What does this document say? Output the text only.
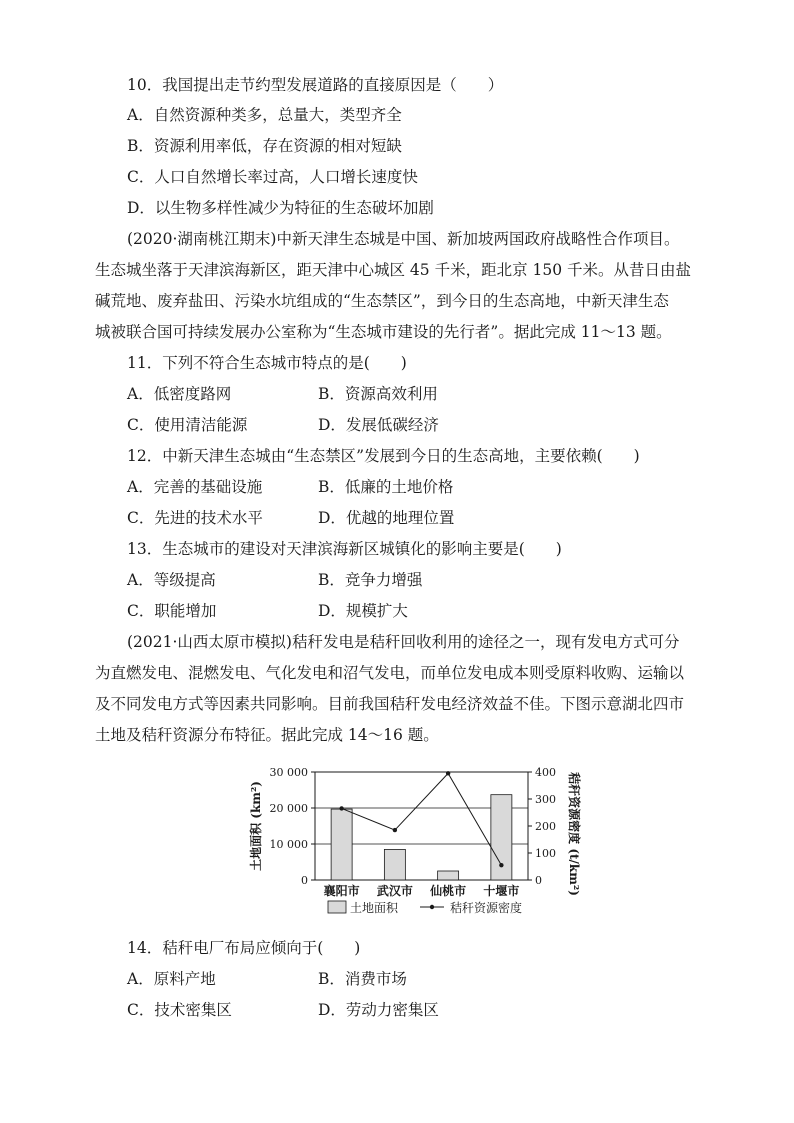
10．我国提出走节约型发展道路的直接原因是（　　）
A．自然资源种类多，总量大，类型齐全
B．资源利用率低，存在资源的相对短缺
C．人口自然增长率过高，人口增长速度快
D．以生物多样性减少为特征的生态破坏加剧
(2020·湖南桃江期末)中新天津生态城是中国、新加坡两国政府战略性合作项目。
生态城坐落于天津滨海新区，距天津中心城区 45 千米，距北京 150 千米。从昔日由盐
碱荒地、废弃盐田、污染水坑组成的“生态禁区”，到今日的生态高地，中新天津生态
城被联合国可持续发展办公室称为“生态城市建设的先行者”。据此完成 11～13 题。
11．下列不符合生态城市特点的是(　　)
A．低密度路网	B．资源高效利用
C．使用清洁能源	D．发展低碳经济
12．中新天津生态城由“生态禁区”发展到今日的生态高地，主要依赖(　　)
A．完善的基础设施	B．低廉的土地价格
C．先进的技术水平	D．优越的地理位置
13．生态城市的建设对天津滨海新区城镇化的影响主要是(　　)
A．等级提高	B．竞争力增强
C．职能增加	D．规模扩大
(2021·山西太原市模拟)秸秆发电是秸秆回收利用的途径之一，现有发电方式可分
为直燃发电、混燃发电、气化发电和沼气发电，而单位发电成本则受原料收购、运输以
及不同发电方式等因素共同影响。目前我国秸秆发电经济效益不佳。下图示意湖北四市
土地及秸秆资源分布特征。据此完成 14～16 题。
0
10 000
20 000
30 000
0
100
200
300
400
襄阳市 武汉市 仙桃市 十堰市
土地面积 (km²)	秸秆资源密度 (t/km²)
土地面积	秸秆资源密度
14．秸秆电厂布局应倾向于(　　)
A．原料产地	B．消费市场
C．技术密集区	D．劳动力密集区
